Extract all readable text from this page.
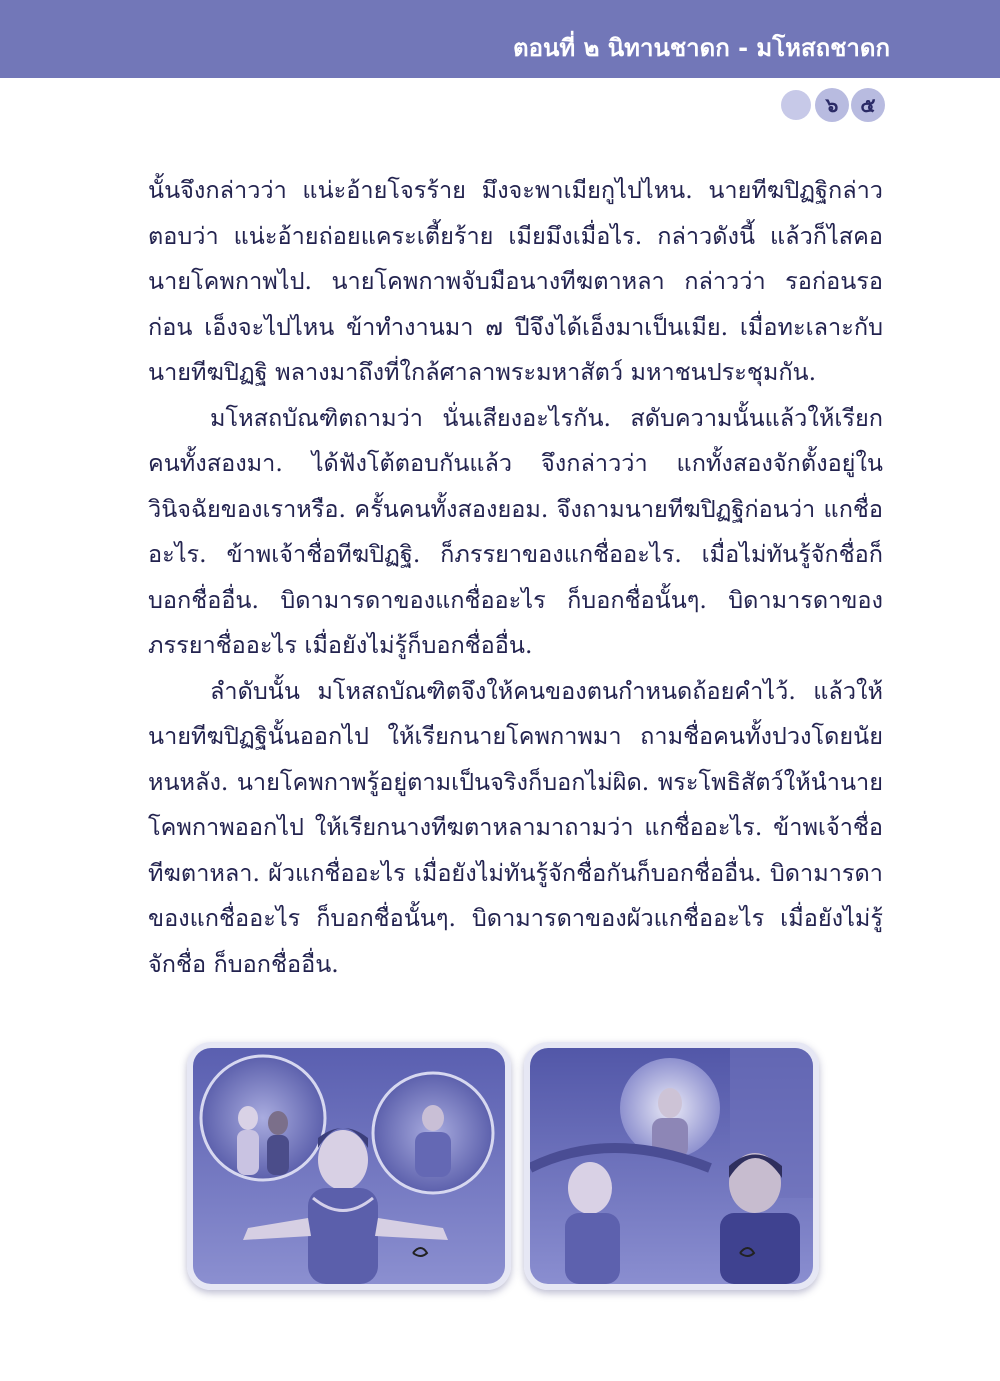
ตอนที่ ๒ นิทานชาดก - มโหสถชาดก
๖	๕

นั้นจึงกล่าวว่า แน่ะอ้ายโจรร้าย มึงจะพาเมียกูไปไหน. นายทีฆปิฏฐิกล่าวตอบว่า แน่ะอ้ายถ่อยแคระเตี้ยร้าย เมียมึงเมื่อไร. กล่าวดังนี้ แล้วก็ไสคอนายโคพกาพไป. นายโคพกาพจับมือนางทีฆตาหลา กล่าวว่า รอก่อนรอก่อน เอ็งจะไปไหน ข้าทำงานมา ๗ ปีจึงได้เอ็งมาเป็นเมีย. เมื่อทะเลาะกับนายทีฆปิฏฐิ พลางมาถึงที่ใกล้ศาลาพระมหาสัตว์ มหาชนประชุมกัน.

มโหสถบัณฑิตถามว่า นั่นเสียงอะไรกัน. สดับความนั้นแล้วให้เรียกคนทั้งสองมา. ได้ฟังโต้ตอบกันแล้ว จึงกล่าวว่า แกทั้งสองจักตั้งอยู่ในวินิจฉัยของเราหรือ. ครั้นคนทั้งสองยอม. จึงถามนายทีฆปิฏฐิก่อนว่า แกชื่ออะไร. ข้าพเจ้าชื่อทีฆปิฏฐิ. ก็ภรรยาของแกชื่ออะไร. เมื่อไม่ทันรู้จักชื่อก็บอกชื่ออื่น. บิดามารดาของแกชื่ออะไร ก็บอกชื่อนั้นๆ. บิดามารดาของภรรยาชื่ออะไร เมื่อยังไม่รู้ก็บอกชื่ออื่น.

ลำดับนั้น มโหสถบัณฑิตจึงให้คนของตนกำหนดถ้อยคำไว้. แล้วให้นายทีฆปิฏฐินั้นออกไป ให้เรียกนายโคพกาพมา ถามชื่อคนทั้งปวงโดยนัยหนหลัง. นายโคพกาพรู้อยู่ตามเป็นจริงก็บอกไม่ผิด. พระโพธิสัตว์ให้นำนายโคพกาพออกไป ให้เรียกนางทีฆตาหลามาถามว่า แกชื่ออะไร. ข้าพเจ้าชื่อทีฆตาหลา. ผัวแกชื่ออะไร เมื่อยังไม่ทันรู้จักชื่อกันก็บอกชื่ออื่น. บิดามารดาของแกชื่ออะไร ก็บอกชื่อนั้นๆ. บิดามารดาของผัวแกชื่ออะไร เมื่อยังไม่รู้จักชื่อ ก็บอกชื่ออื่น.
